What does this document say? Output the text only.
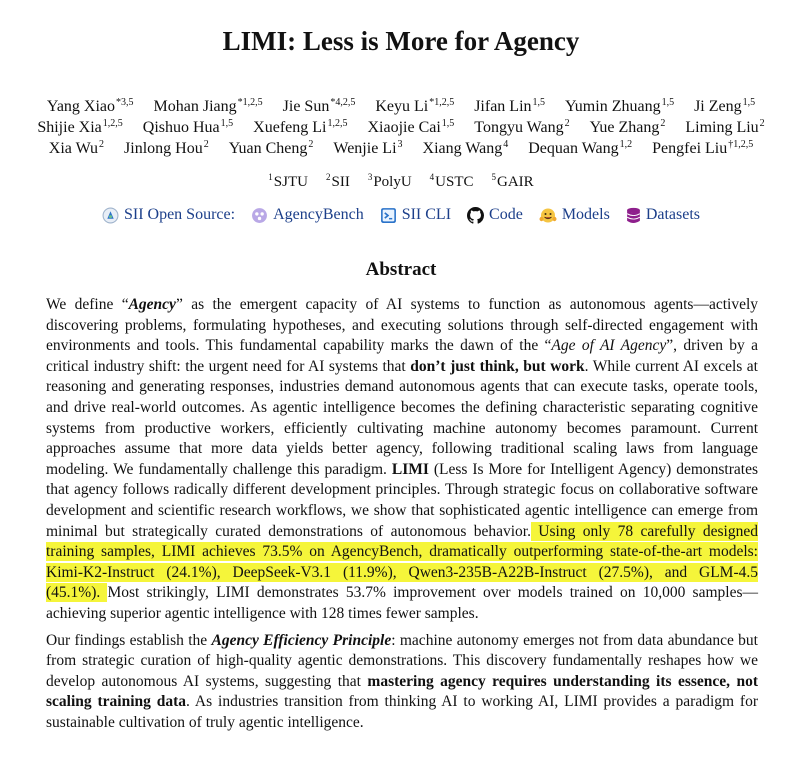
LIMI: Less is More for Agency
Yang Xiao$^{*3,5}$ Mohan Jiang$^{*1,2,5}$ Jie Sun$^{*4,2,5}$ Keyu Li$^{*1,2,5}$ Jifan Lin$^{1,5}$ Yumin Zhuang$^{1,5}$ Ji Zeng$^{1,5}$
Shijie Xia$^{1,2,5}$ Qishuo Hua$^{1,5}$ Xuefeng Li$^{1,2,5}$ Xiaojie Cai$^{1,5}$ Tongyu Wang$^2$ Yue Zhang$^2$ Liming Liu$^2$
Xia Wu$^2$ Jinlong Hou$^2$ Yuan Cheng$^2$ Wenjie Li$^3$ Xiang Wang$^4$ Dequan Wang$^{1,2}$ Pengfei Liu$^{\dagger 1,2,5}$
$^1$SJTU $^2$SII $^3$PolyU $^4$USTC $^5$GAIR
SII Open Source: AgencyBench SII CLI Code Models Datasets
Abstract

We define “Agency” as the emergent capacity of AI systems to function as autonomous agents—actively discovering problems, formulating hypotheses, and executing solutions through self-directed engagement with environments and tools. This fundamental capability marks the dawn of the “Age of AI Agency”, driven by a critical industry shift: the urgent need for AI systems that don’t just think, but work. While current AI excels at reasoning and generating responses, industries demand autonomous agents that can execute tasks, operate tools, and drive real-world outcomes. As agentic intelligence becomes the defining characteristic separating cognitive systems from productive workers, efficiently cultivating machine autonomy becomes paramount. Current approaches assume that more data yields better agency, following traditional scaling laws from language modeling. We fundamentally challenge this paradigm. LIMI (Less Is More for Intelligent Agency) demonstrates that agency follows radically different development principles. Through strategic focus on collaborative software development and scientific research workflows, we show that sophisticated agentic intelligence can emerge from minimal but strategically curated demonstrations of autonomous behavior. Using only 78 carefully designed training samples, LIMI achieves 73.5% on AgencyBench, dramatically outperforming state-of-the-art models: Kimi-K2-Instruct (24.1%), DeepSeek-V3.1 (11.9%), Qwen3-235B-A22B-Instruct (27.5%), and GLM-4.5 (45.1%). Most strikingly, LIMI demonstrates 53.7% improvement over models trained on 10,000 samples—achieving superior agentic intelligence with 128 times fewer samples.

Our findings establish the Agency Efficiency Principle: machine autonomy emerges not from data abundance but from strategic curation of high-quality agentic demonstrations. This discovery fundamentally reshapes how we develop autonomous AI systems, suggesting that mastering agency requires understanding its essence, not scaling training data. As industries transition from thinking AI to working AI, LIMI provides a paradigm for sustainable cultivation of truly agentic intelligence.
